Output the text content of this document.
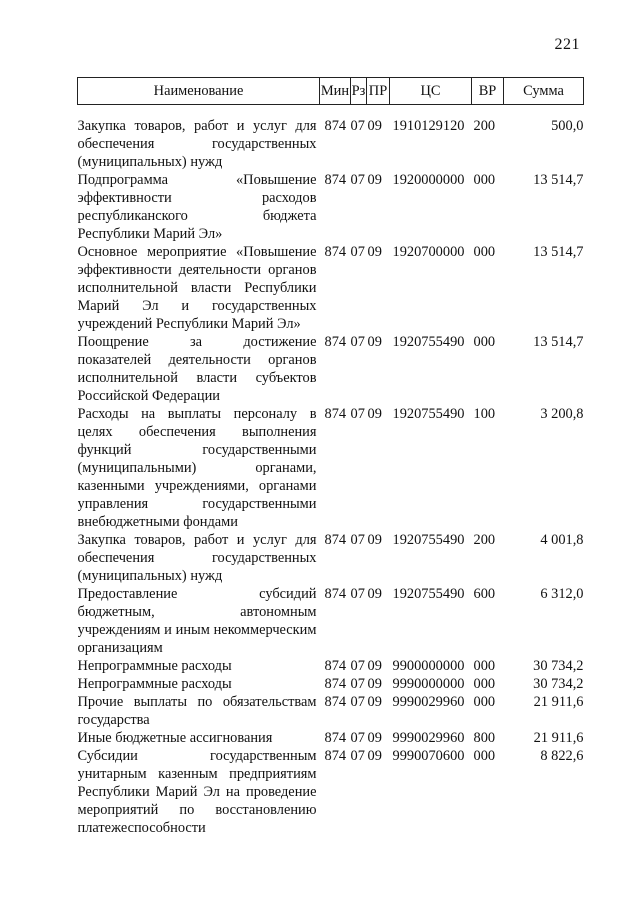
221
Наименование	Мин	Рз	ПР	ЦС	ВР	Сумма

Закупка товаров, работ и услуг для обеспечения государственных (муниципальных) нужд	874	07	09	1910129120	200	500,0
Подпрограмма «Повышение эффективности расходов республиканского бюджета Республики Марий Эл»	874	07	09	1920000000	000	13 514,7
Основное мероприятие «Повышение эффективности деятельности органов исполнительной власти Республики Марий Эл и государственных учреждений Республики Марий Эл»	874	07	09	1920700000	000	13 514,7
Поощрение за достижение показателей деятельности органов исполнительной власти субъектов Российской Федерации	874	07	09	1920755490	000	13 514,7
Расходы на выплаты персоналу в целях обеспечения выполнения функций государственными (муниципальными) органами, казенными учреждениями, органами управления государственными внебюджетными фондами	874	07	09	1920755490	100	3 200,8
Закупка товаров, работ и услуг для обеспечения государственных (муниципальных) нужд	874	07	09	1920755490	200	4 001,8
Предоставление субсидий бюджетным, автономным учреждениям и иным некоммерческим организациям	874	07	09	1920755490	600	6 312,0
Непрограммные расходы	874	07	09	9900000000	000	30 734,2
Непрограммные расходы	874	07	09	9990000000	000	30 734,2
Прочие выплаты по обязательствам государства	874	07	09	9990029960	000	21 911,6
Иные бюджетные ассигнования	874	07	09	9990029960	800	21 911,6
Субсидии государственным унитарным казенным предприятиям Республики Марий Эл на проведение мероприятий по восстановлению платежеспособности	874	07	09	9990070600	000	8 822,6
